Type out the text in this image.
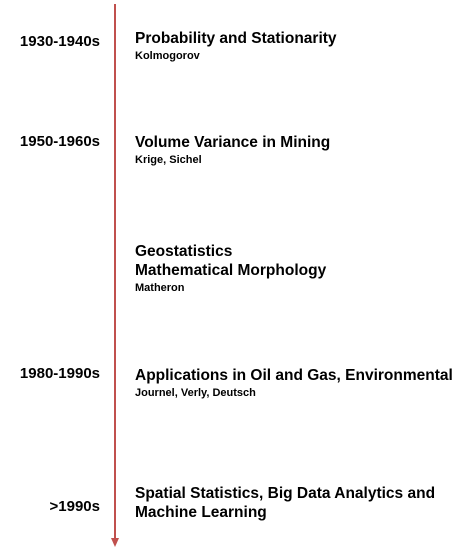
1930-1940s Probability and Stationarity
Kolmogorov
1950-1960s Volume Variance in Mining
Krige, Sichel
Geostatistics
Mathematical Morphology
Matheron
1980-1990s Applications in Oil and Gas, Environmental
Journel, Verly, Deutsch
>1990s
Spatial Statistics, Big Data Analytics and
Machine Learning
